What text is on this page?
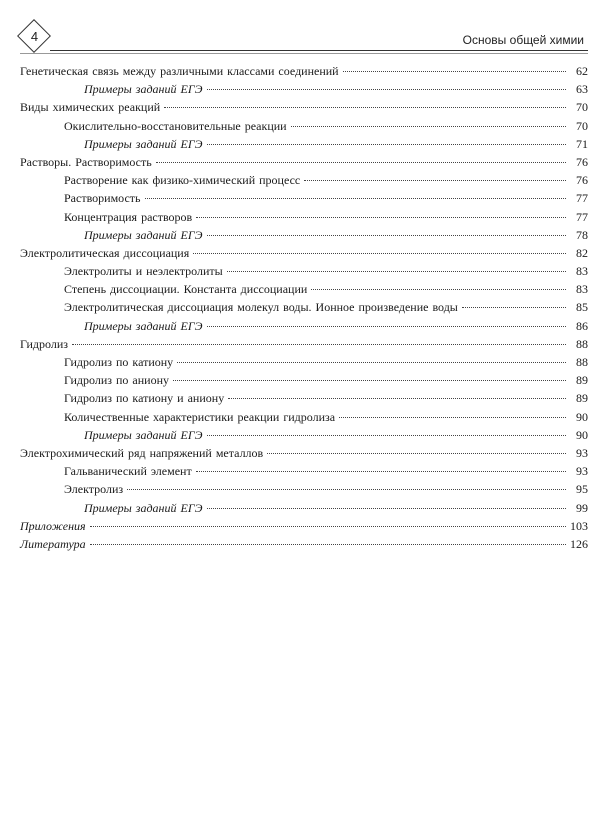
4	Основы общей химии
Генетическая связь между различными классами соединений	62
Примеры заданий ЕГЭ	63
Виды химических реакций	70
Окислительно-восстановительные реакции	70
Примеры заданий ЕГЭ	71
Растворы. Растворимость	76
Растворение как физико-химический процесс	76
Растворимость	77
Концентрация растворов	77
Примеры заданий ЕГЭ	78
Электролитическая диссоциация	82
Электролиты и неэлектролиты	83
Степень диссоциации. Константа диссоциации	83
Электролитическая диссоциация молекул воды. Ионное произведение воды	85
Примеры заданий ЕГЭ	86
Гидролиз	88
Гидролиз по катиону	88
Гидролиз по аниону	89
Гидролиз по катиону и аниону	89
Количественные характеристики реакции гидролиза	90
Примеры заданий ЕГЭ	90
Электрохимический ряд напряжений металлов	93
Гальванический элемент	93
Электролиз	95
Примеры заданий ЕГЭ	99
Приложения	103
Литература	126
